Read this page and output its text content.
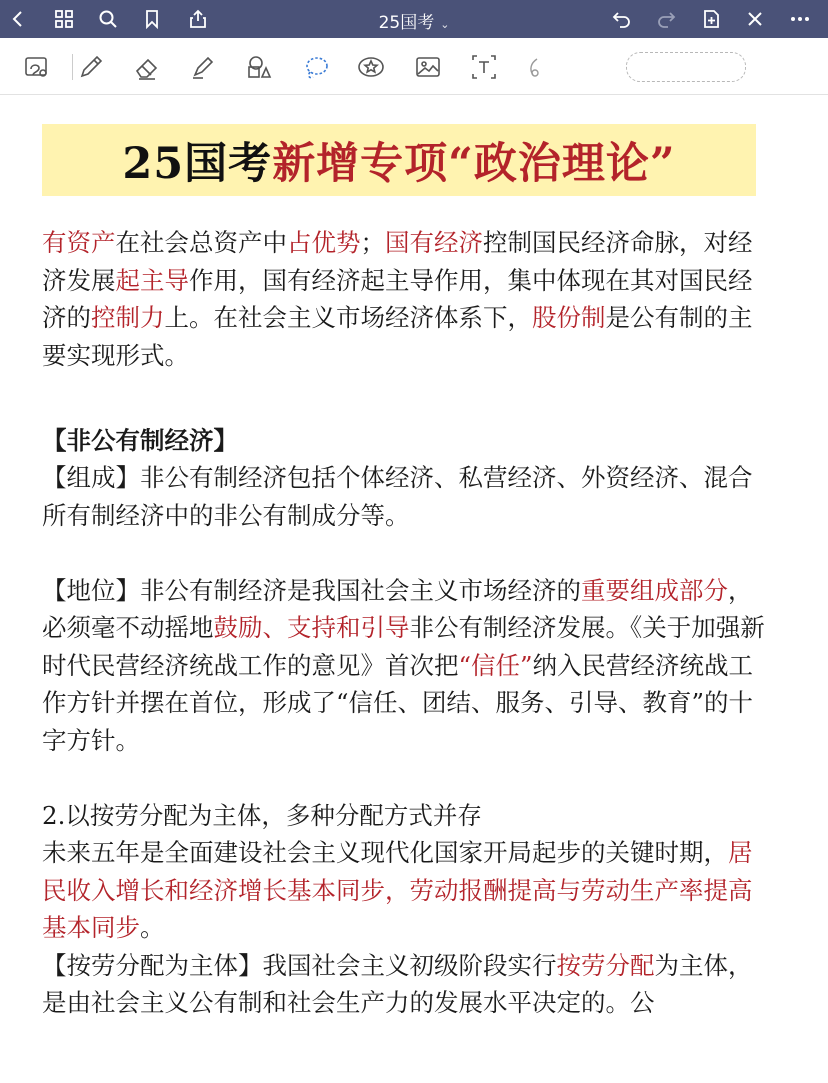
25国考 ⌄
25国考 新增专项“政治理论”

有资产在社会总资产中占优势；国有经济控制国民经济命脉，对经济发展起主导作用，国有经济起主导作用，集中体现在其对国民经济的控制力上。在社会主义市场经济体系下，股份制是公有制的主要实现形式。

【非公有制经济】

【组成】非公有制经济包括个体经济、私营经济、外资经济、混合所有制经济中的非公有制成分等。

【地位】非公有制经济是我国社会主义市场经济的重要组成部分，必须毫不动摇地鼓励、支持和引导非公有制经济发展。《关于加强新时代民营经济统战工作的意见》首次把“信任”纳入民营经济统战工作方针并摆在首位，形成了“信任、团结、服务、引导、教育”的十字方针。

2.以按劳分配为主体，多种分配方式并存

未来五年是全面建设社会主义现代化国家开局起步的关键时期，居民收入增长和经济增长基本同步，劳动报酬提高与劳动生产率提高基本同步。

【按劳分配为主体】我国社会主义初级阶段实行按劳分配为主体，是由社会主义公有制和社会生产力的发展水平决定的。公
